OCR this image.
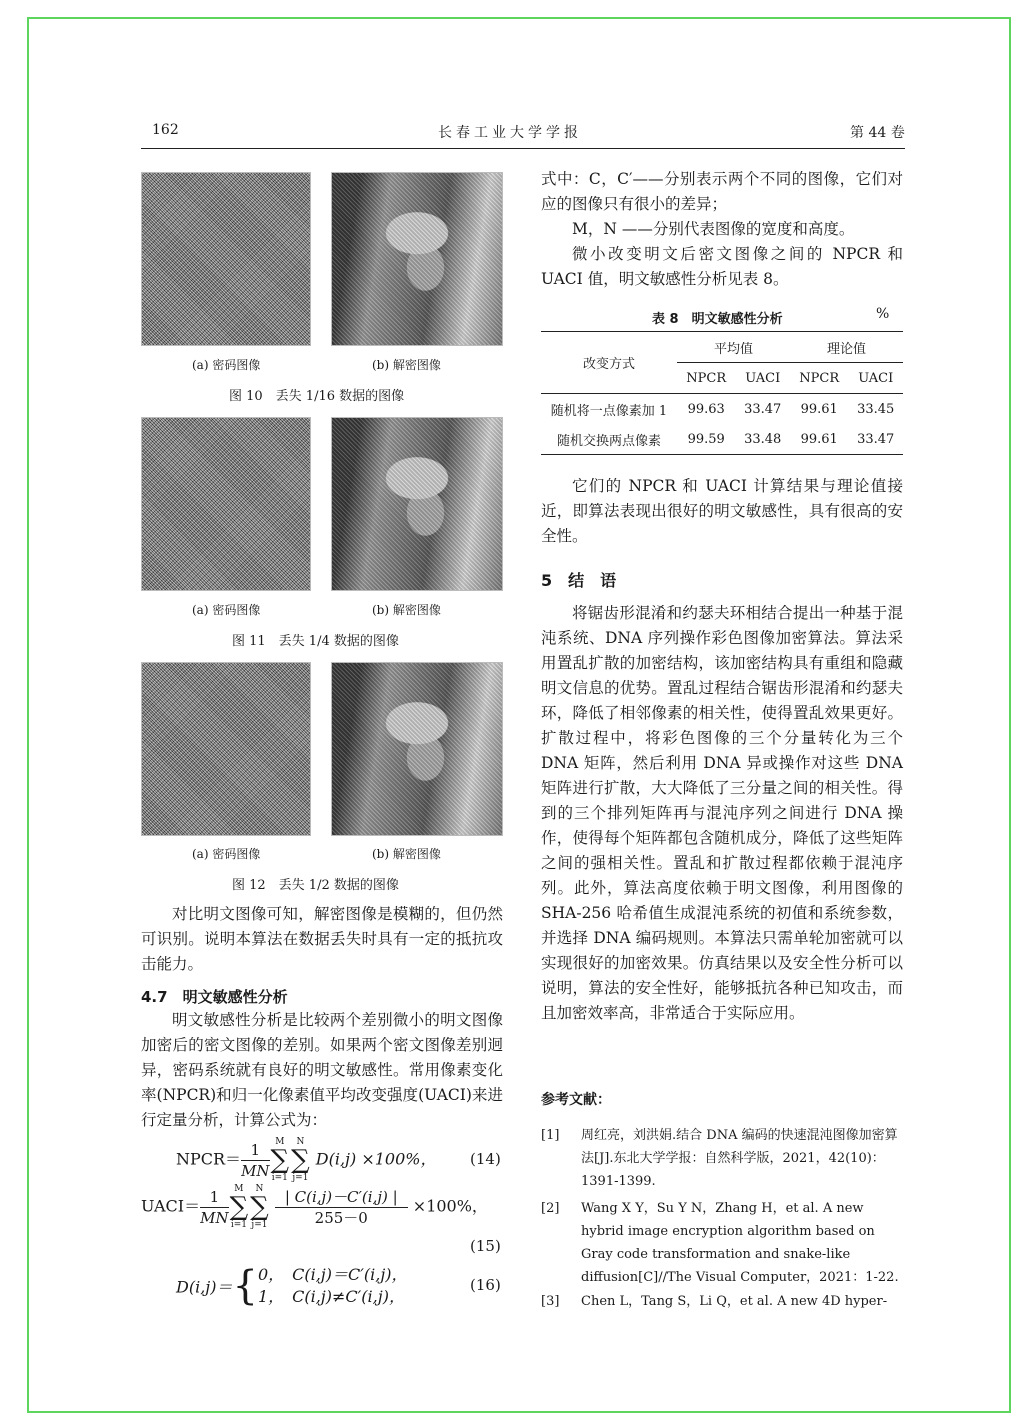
162	长春工业大学学报	第 44 卷
(a) 密码图像	(b) 解密图像
图 10　丢失 1/16 数据的图像
(a) 密码图像	(b) 解密图像
图 11　丢失 1/4 数据的图像
(a) 密码图像	(b) 解密图像
图 12　丢失 1/2 数据的图像

对比明文图像可知，解密图像是模糊的，但仍然可识别。说明本算法在数据丢失时具有一定的抵抗攻击能力。

4.7　明文敏感性分析

明文敏感性分析是比较两个差别微小的明文图像加密后的密文图像的差别。如果两个密文图像差别迥异，密码系统就有良好的明文敏感性。常用像素变化率(NPCR)和归一化像素值平均改变强度(UACI)来进行定量分析，计算公式为：

NPCR＝ $\frac{1}{MN}$ M
∑
i=1N
∑
j=1 D(i,j) ×100%， (14)
UACI＝ $\frac{1}{MN}$ M
∑
i=1N
∑
$j=1 \frac{| C(i,j)-C'(i,j) |}{255-0} \times 100\%$，
(15)
D(i,j)＝{ 0，　C(i,j)＝C′(i,j)，
1，　C(i,j)≠C′(i,j)，
(16)

式中：C，C′——分别表示两个不同的图像，它们对应的图像只有很小的差异；

M，N ——分别代表图像的宽度和高度。

微小改变明文后密文图像之间的 NPCR 和 UACI 值，明文敏感性分析见表 8。

表 8　明文敏感性分析	%
改变方式	平均值		理论值	
	NPCR	UACI	NPCR	UACI
随机将一点像素加 1	99.63	33.47	99.61	33.45
随机交换两点像素	99.59	33.48	99.61	33.47

它们的 NPCR 和 UACI 计算结果与理论值接近，即算法表现出很好的明文敏感性，具有很高的安全性。

5　结　语

将锯齿形混淆和约瑟夫环相结合提出一种基于混沌系统、DNA 序列操作彩色图像加密算法。算法采用置乱扩散的加密结构，该加密结构具有重组和隐藏明文信息的优势。置乱过程结合锯齿形混淆和约瑟夫环，降低了相邻像素的相关性，使得置乱效果更好。扩散过程中，将彩色图像的三个分量转化为三个 DNA 矩阵，然后利用 DNA 异或操作对这些 DNA 矩阵进行扩散，大大降低了三分量之间的相关性。得到的三个排列矩阵再与混沌序列之间进行 DNA 操作，使得每个矩阵都包含随机成分，降低了这些矩阵之间的强相关性。置乱和扩散过程都依赖于混沌序列。此外，算法高度依赖于明文图像，利用图像的 SHA-256 哈希值生成混沌系统的初值和系统参数，并选择 DNA 编码规则。本算法只需单轮加密就可以实现很好的加密效果。仿真结果以及安全性分析可以说明，算法的安全性好，能够抵抗各种已知攻击，而且加密效率高，非常适合于实际应用。

参考文献：
[1] 周红亮，刘洪娟.结合 DNA 编码的快速混沌图像加密算法[J].东北大学学报：自然科学版，2021，42(10)：1391-1399.
[2] Wang X Y，Su Y N，Zhang H，et al. A new hybrid image encryption algorithm based on Gray code transformation and snake-like diffusion[C]//The Visual Computer，2021：1-22.
[3] Chen L，Tang S，Li Q，et al. A new 4D hyper-
